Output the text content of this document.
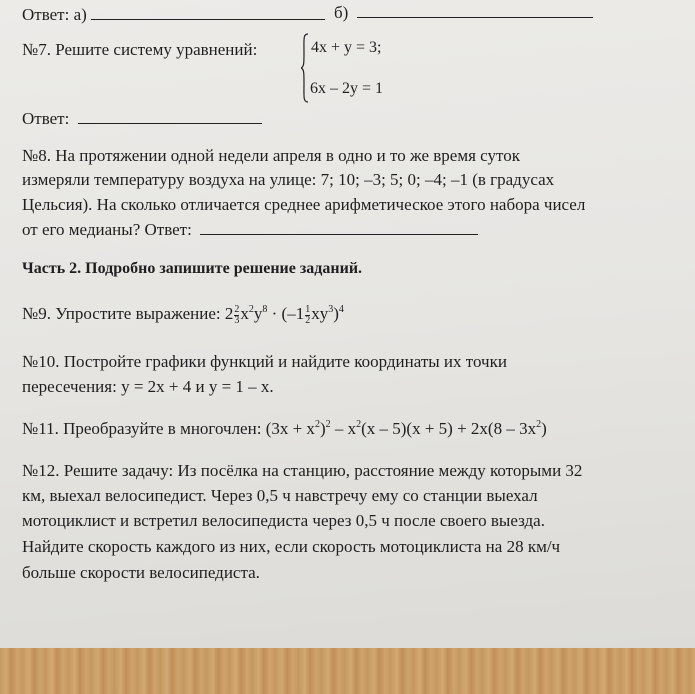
Ответ: а)	б)
№7. Решите систему уравнений:	4x + y = 3;
6x – 2y = 1
Ответ:
№8. На протяжении одной недели апреля в одно и то же время суток
измеряли температуру воздуха на улице: 7; 10; –3; 5; 0; –4; –1 (в градусах
Цельсия). На сколько отличается среднее арифметическое этого набора чисел
от его медианы? Ответ:
Часть 2. Подробно запишите решение заданий.
№9. Упростите выражение: $2 \frac{2}{3} x^2y^8 \cdot (-1 \frac{1}{2} xy^3)^4$
№10. Постройте графики функций и найдите координаты их точки
пересечения: y = 2x + 4 и y = 1 – x.
№11. Преобразуйте в многочлен: $(3x + x^2)^2 - x^2(x - 5)(x + 5) + 2x(8 - 3x^2)$
№12. Решите задачу: Из посёлка на станцию, расстояние между которыми 32
км, выехал велосипедист. Через 0,5 ч навстречу ему со станции выехал
мотоциклист и встретил велосипедиста через 0,5 ч после своего выезда.
Найдите скорость каждого из них, если скорость мотоциклиста на 28 км/ч
больше скорости велосипедиста.
